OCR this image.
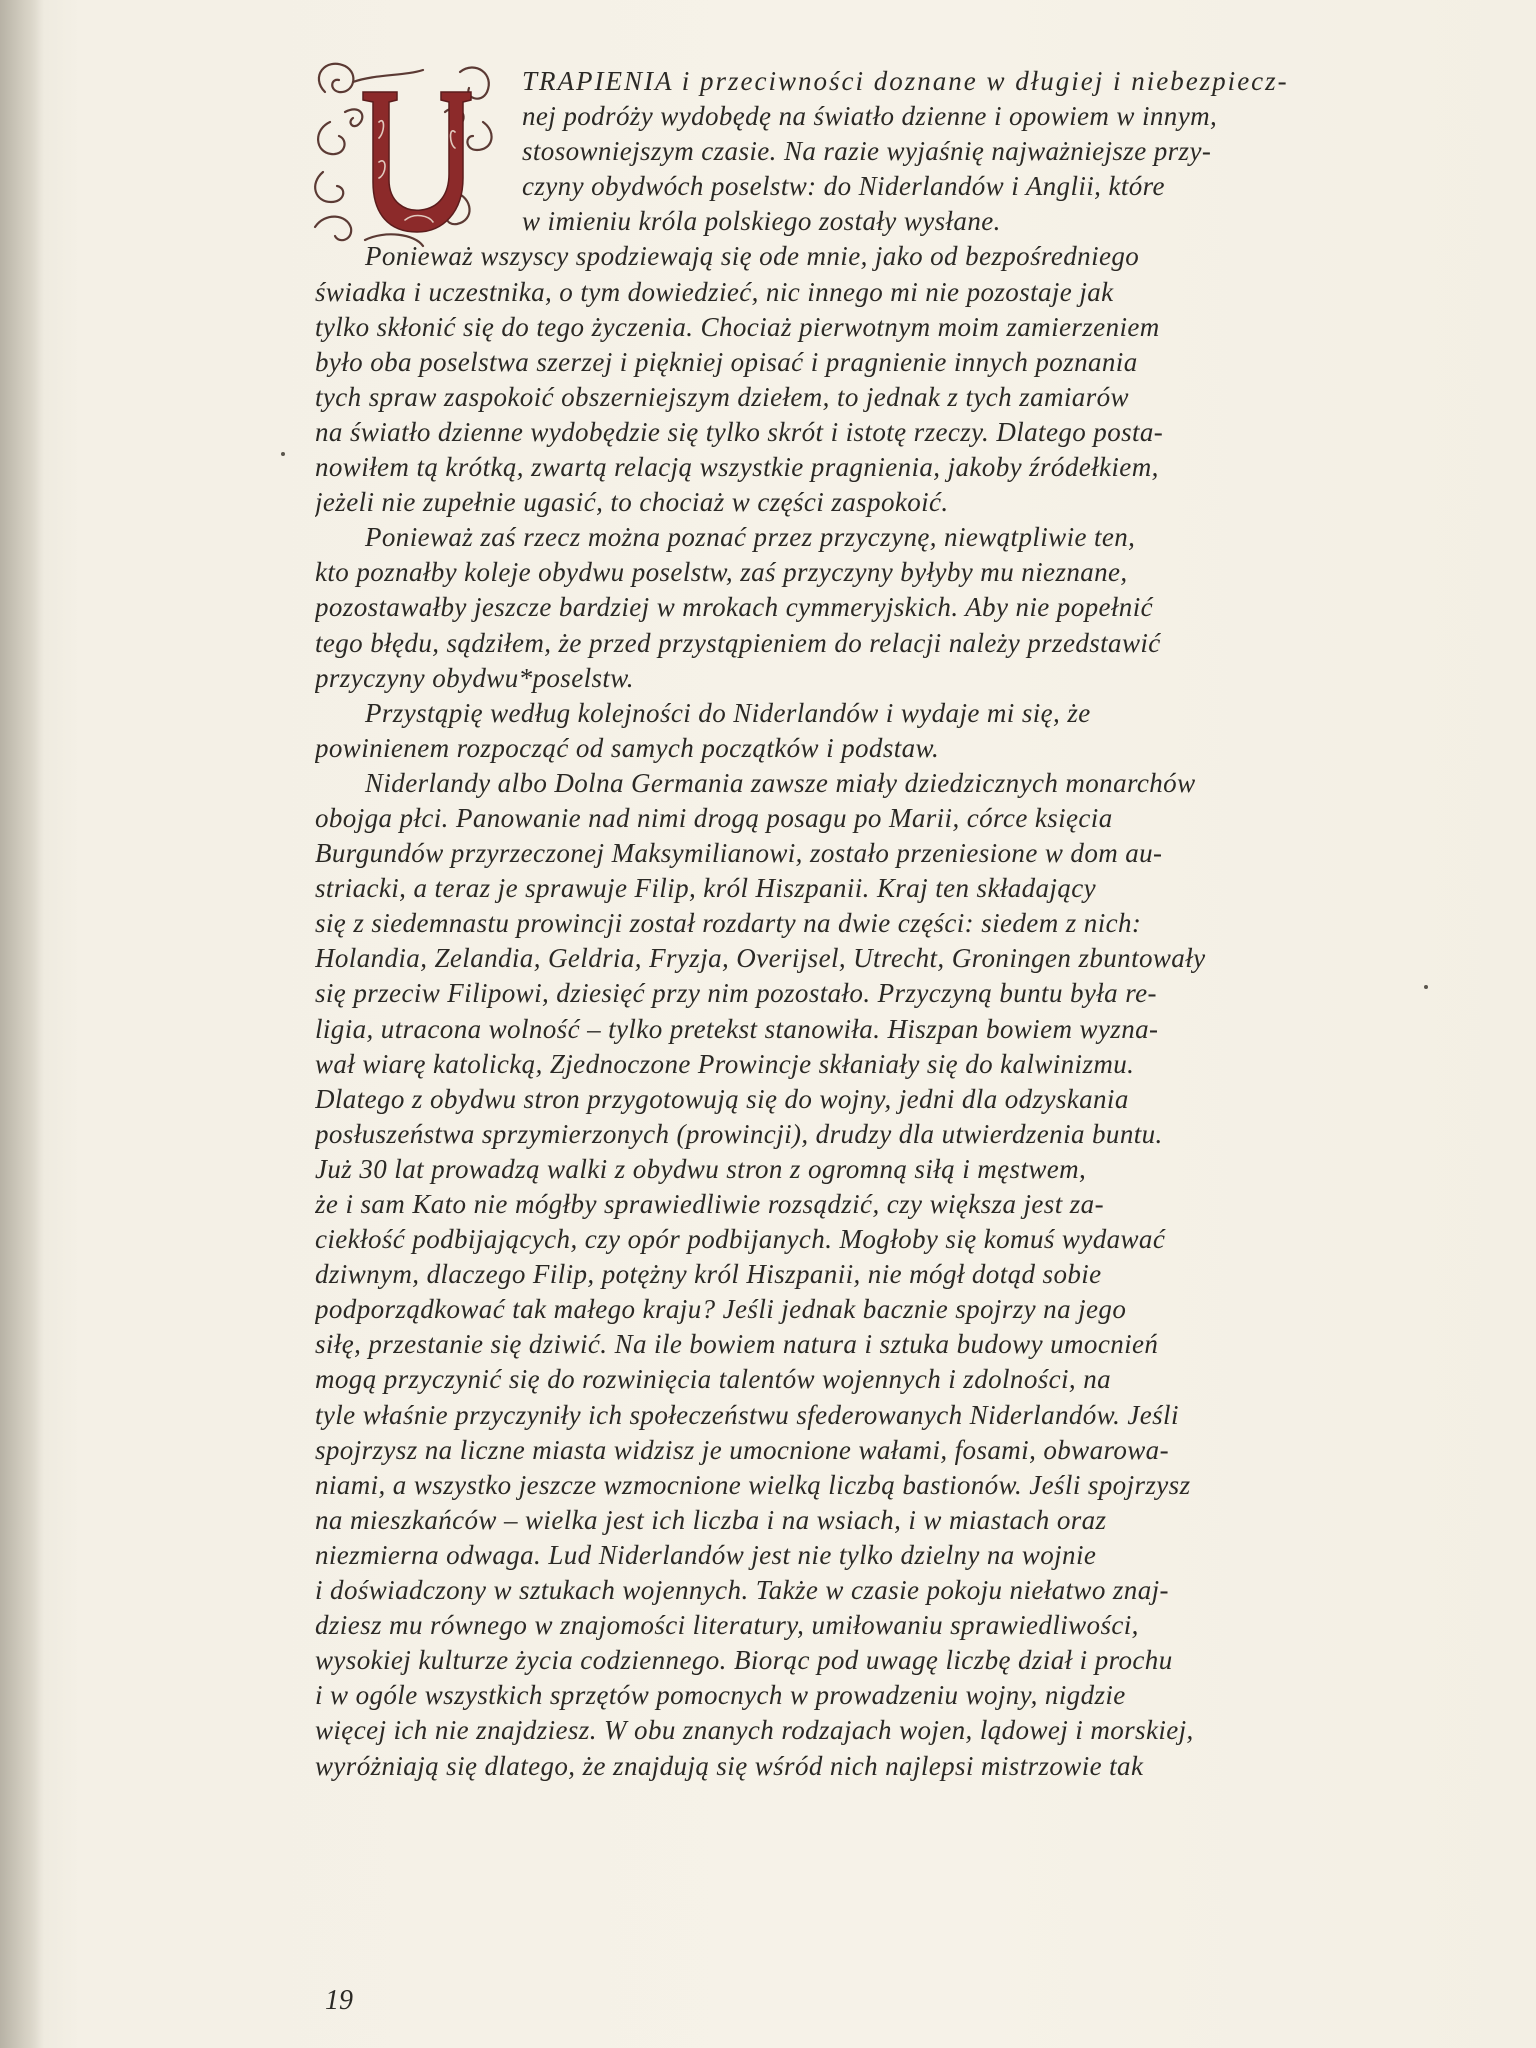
TRAPIENIA i przeciwności doznane w długiej i niebezpiecz-
nej podróży wydobędę na światło dzienne i opowiem w innym,
stosowniejszym czasie. Na razie wyjaśnię najważniejsze przy-
czyny obydwóch poselstw: do Niderlandów i Anglii, które
w imieniu króla polskiego zostały wysłane.
Ponieważ wszyscy spodziewają się ode mnie, jako od bezpośredniego
świadka i uczestnika, o tym dowiedzieć, nic innego mi nie pozostaje jak
tylko skłonić się do tego życzenia. Chociaż pierwotnym moim zamierzeniem
było oba poselstwa szerzej i piękniej opisać i pragnienie innych poznania
tych spraw zaspokoić obszerniejszym dziełem, to jednak z tych zamiarów
na światło dzienne wydobędzie się tylko skrót i istotę rzeczy. Dlatego posta-
nowiłem tą krótką, zwartą relacją wszystkie pragnienia, jakoby źródełkiem,
jeżeli nie zupełnie ugasić, to chociaż w części zaspokoić.
Ponieważ zaś rzecz można poznać przez przyczynę, niewątpliwie ten,
kto poznałby koleje obydwu poselstw, zaś przyczyny byłyby mu nieznane,
pozostawałby jeszcze bardziej w mrokach cymmeryjskich. Aby nie popełnić
tego błędu, sądziłem, że przed przystąpieniem do relacji należy przedstawić
przyczyny obydwu*poselstw.
Przystąpię według kolejności do Niderlandów i wydaje mi się, że
powinienem rozpocząć od samych początków i podstaw.
Niderlandy albo Dolna Germania zawsze miały dziedzicznych monarchów
obojga płci. Panowanie nad nimi drogą posagu po Marii, córce księcia
Burgundów przyrzeczonej Maksymilianowi, zostało przeniesione w dom au-
striacki, a teraz je sprawuje Filip, król Hiszpanii. Kraj ten składający
się z siedemnastu prowincji został rozdarty na dwie części: siedem z nich:
Holandia, Zelandia, Geldria, Fryzja, Overijsel, Utrecht, Groningen zbuntowały
się przeciw Filipowi, dziesięć przy nim pozostało. Przyczyną buntu była re-
ligia, utracona wolność – tylko pretekst stanowiła. Hiszpan bowiem wyzna-
wał wiarę katolicką, Zjednoczone Prowincje skłaniały się do kalwinizmu.
Dlatego z obydwu stron przygotowują się do wojny, jedni dla odzyskania
posłuszeństwa sprzymierzonych (prowincji), drudzy dla utwierdzenia buntu.
Już 30 lat prowadzą walki z obydwu stron z ogromną siłą i męstwem,
że i sam Kato nie mógłby sprawiedliwie rozsądzić, czy większa jest za-
ciekłość podbijających, czy opór podbijanych. Mogłoby się komuś wydawać
dziwnym, dlaczego Filip, potężny król Hiszpanii, nie mógł dotąd sobie
podporządkować tak małego kraju? Jeśli jednak bacznie spojrzy na jego
siłę, przestanie się dziwić. Na ile bowiem natura i sztuka budowy umocnień
mogą przyczynić się do rozwinięcia talentów wojennych i zdolności, na
tyle właśnie przyczyniły ich społeczeństwu sfederowanych Niderlandów. Jeśli
spojrzysz na liczne miasta widzisz je umocnione wałami, fosami, obwarowa-
niami, a wszystko jeszcze wzmocnione wielką liczbą bastionów. Jeśli spojrzysz
na mieszkańców – wielka jest ich liczba i na wsiach, i w miastach oraz
niezmierna odwaga. Lud Niderlandów jest nie tylko dzielny na wojnie
i doświadczony w sztukach wojennych. Także w czasie pokoju niełatwo znaj-
dziesz mu równego w znajomości literatury, umiłowaniu sprawiedliwości,
wysokiej kulturze życia codziennego. Biorąc pod uwagę liczbę dział i prochu
i w ogóle wszystkich sprzętów pomocnych w prowadzeniu wojny, nigdzie
więcej ich nie znajdziesz. W obu znanych rodzajach wojen, lądowej i morskiej,
wyróżniają się dlatego, że znajdują się wśród nich najlepsi mistrzowie tak
19
